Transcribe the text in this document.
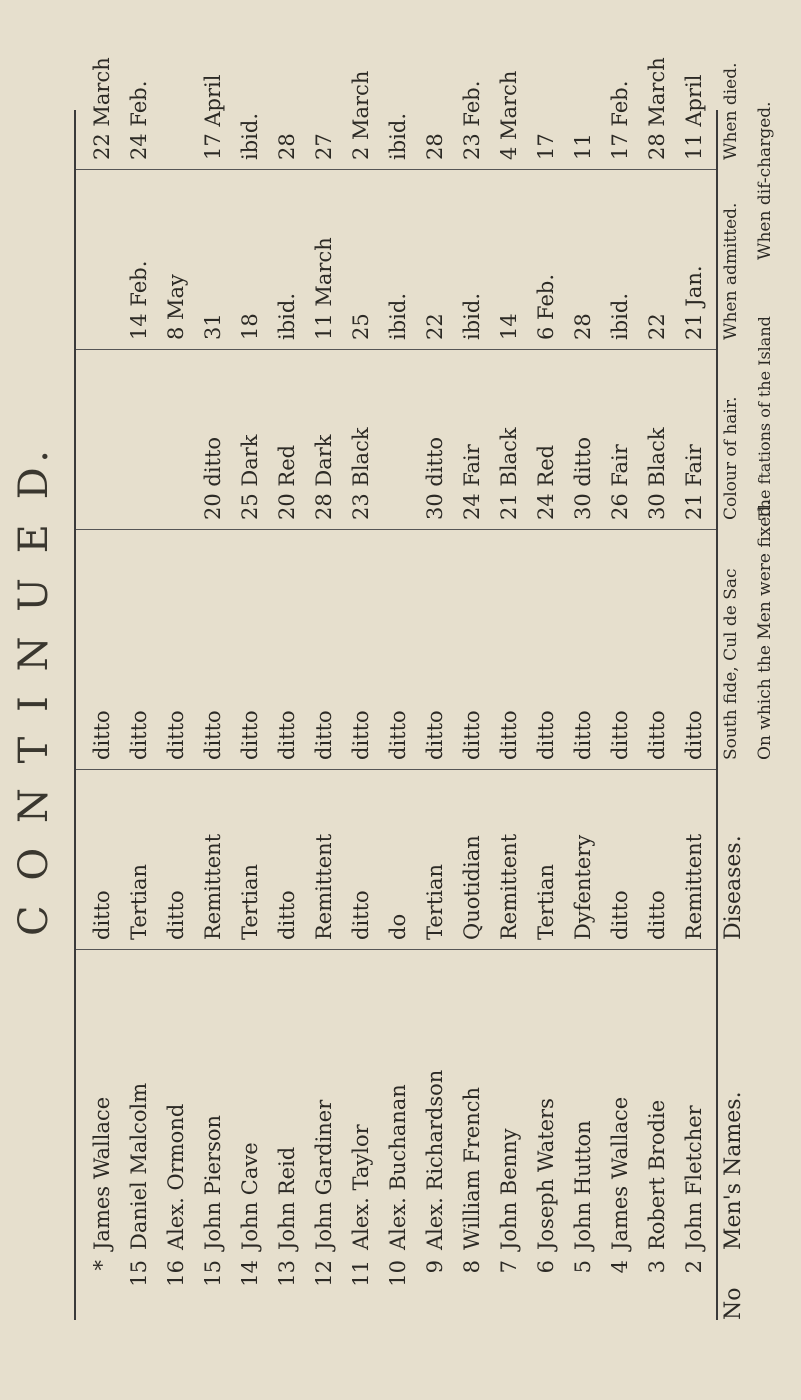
C O N T I N U E D.
*
James Wallace
ditto
ditto
22 March
15
Daniel Malcolm
Tertian
ditto
14 Feb.
24 Feb.
16
Alex. Ormond
ditto
ditto
8 May
15
John Pierson
Remittent
ditto
20 ditto
31
17 April
14
John Cave
Tertian
ditto
25 Dark
18
ibid.
13
John Reid
ditto
ditto
20 Red
ibid.
28
12
John Gardiner
Remittent
ditto
28 Dark
11 March
27
11
Alex. Taylor
ditto
ditto
23 Black
25
2 March
10
Alex. Buchanan
do
ditto
ibid.
ibid.
9
Alex. Richardson
Tertian
ditto
30 ditto
22
28
8
William French
Quotidian
ditto
24 Fair
ibid.
23 Feb.
7
John Benny
Remittent
ditto
21 Black
14
4 March
6
Joseph Waters
Tertian
ditto
24 Red
6 Feb.
17
5
John Hutton
Dyfentery
ditto
30 ditto
28
11
4
James Wallace
ditto
ditto
26 Fair
ibid.
17 Feb.
3
Robert Brodie
ditto
ditto
30 Black
22
28 March
2
John Fletcher
Remittent
ditto
21 Fair
21 Jan.
11 April
No
Men's Names.
Diseases.
South fide, Cul de Sac On which the Men were fixed.
The ftations of the Island
Colour of hair.
When admitted.
When dif-charged.
When died.
